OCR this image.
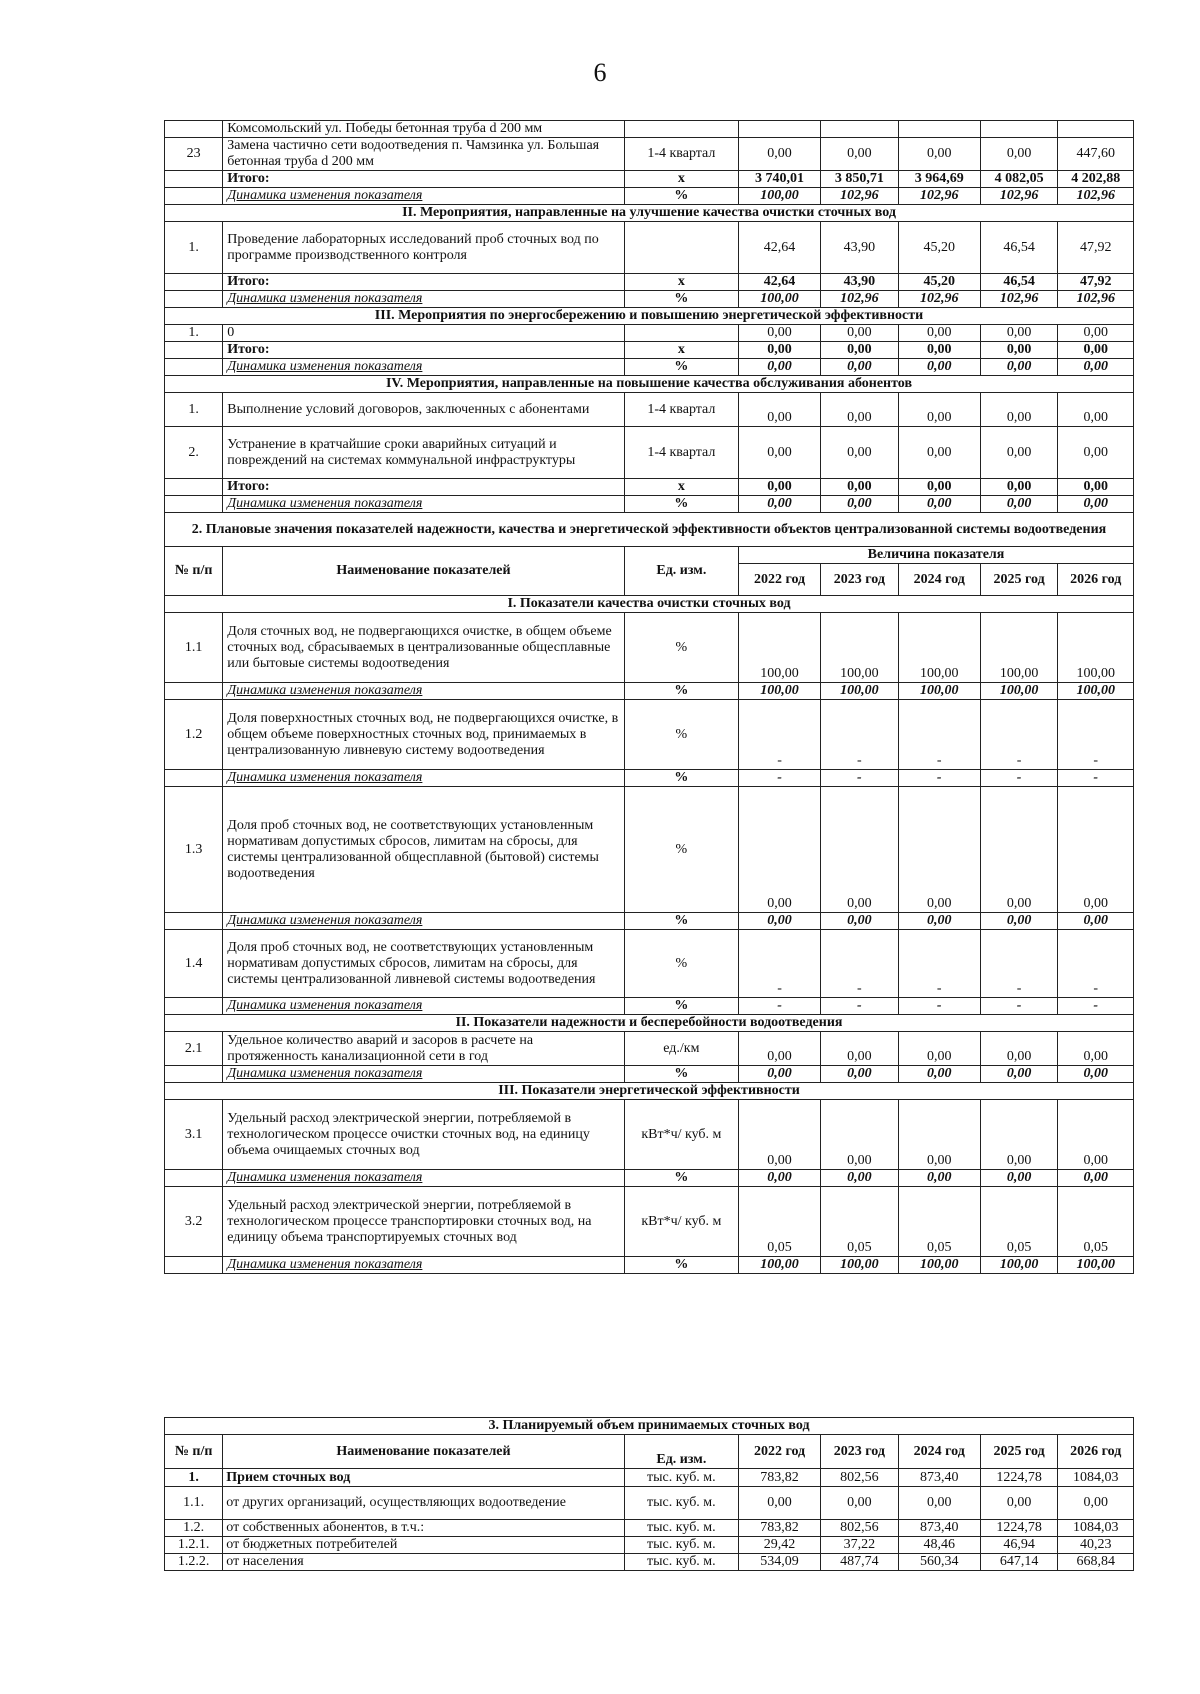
6
	Комсомольский ул. Победы бетонная труба d 200 мм						
23	Замена частично сети водоотведения п. Чамзинка ул. Большая бетонная труба d 200 мм	1-4 квартал	0,00	0,00	0,00	0,00	447,60
	Итого:	х	3 740,01	3 850,71	3 964,69	4 082,05	4 202,88
	Динамика изменения показателя	%	100,00	102,96	102,96	102,96	102,96
II. Мероприятия, направленные на улучшение качества очистки сточных вод							
1.	Проведение лабораторных исследований проб сточных вод по программе производственного контроля		42,64	43,90	45,20	46,54	47,92
	Итого:	х	42,64	43,90	45,20	46,54	47,92
	Динамика изменения показателя	%	100,00	102,96	102,96	102,96	102,96
III. Мероприятия по энергосбережению и повышению энергетической эффективности							
1.	0		0,00	0,00	0,00	0,00	0,00
	Итого:	х	0,00	0,00	0,00	0,00	0,00
	Динамика изменения показателя	%	0,00	0,00	0,00	0,00	0,00
IV. Мероприятия, направленные на повышение качества обслуживания абонентов							
1.	Выполнение условий договоров, заключенных с абонентами	1-4 квартал	0,00	0,00	0,00	0,00	0,00
2.	Устранение в кратчайшие сроки аварийных ситуаций и повреждений на системах коммунальной инфраструктуры	1-4 квартал	0,00	0,00	0,00	0,00	0,00
	Итого:	х	0,00	0,00	0,00	0,00	0,00
	Динамика изменения показателя	%	0,00	0,00	0,00	0,00	0,00
2. Плановые значения показателей надежности, качества и энергетической эффективности объектов централизованной системы водоотведения							
№ п/п	Наименование показателей	Ед. изм.	Величина показателя				
			2022 год	2023 год	2024 год	2025 год	2026 год

I. Показатели качества очистки сточных вод							
1.1	Доля сточных вод, не подвергающихся очистке, в общем объеме сточных вод, сбрасываемых в централизованные общесплавные или бытовые системы водоотведения	%	100,00	100,00	100,00	100,00	100,00
	Динамика изменения показателя	%	100,00	100,00	100,00	100,00	100,00
1.2	Доля поверхностных сточных вод, не подвергающихся очистке, в общем объеме поверхностных сточных вод, принимаемых в централизованную ливневую систему водоотведения	%	-	-	-	-	-
	Динамика изменения показателя	%	-	-	-	-	-
1.3	Доля проб сточных вод, не соответствующих установленным нормативам допустимых сбросов, лимитам на сбросы, для системы централизованной общесплавной (бытовой) системы водоотведения	%	0,00	0,00	0,00	0,00	0,00
	Динамика изменения показателя	%	0,00	0,00	0,00	0,00	0,00
1.4	Доля проб сточных вод, не соответствующих установленным нормативам допустимых сбросов, лимитам на сбросы, для системы централизованной ливневой системы водоотведения	%	-	-	-	-	-
	Динамика изменения показателя	%	-	-	-	-	-
II. Показатели надежности и бесперебойности водоотведения							
2.1	Удельное количество аварий и засоров в расчете на протяженность канализационной сети в год	ед./км	0,00	0,00	0,00	0,00	0,00
	Динамика изменения показателя	%	0,00	0,00	0,00	0,00	0,00
III. Показатели энергетической эффективности							
3.1	Удельный расход электрической энергии, потребляемой в технологическом процессе очистки сточных вод, на единицу объема очищаемых сточных вод	кВт*ч/ куб. м	0,00	0,00	0,00	0,00	0,00
	Динамика изменения показателя	%	0,00	0,00	0,00	0,00	0,00
3.2	Удельный расход электрической энергии, потребляемой в технологическом процессе транспортировки сточных вод, на единицу объема транспортируемых сточных вод	кВт*ч/ куб. м	0,05	0,05	0,05	0,05	0,05
	Динамика изменения показателя	%	100,00	100,00	100,00	100,00	100,00
3. Планируемый объем принимаемых сточных вод							
№ п/п	Наименование показателей	Ед. изм.	2022 год	2023 год	2024 год	2025 год	2026 год
1.	Прием сточных вод	тыс. куб. м.	783,82	802,56	873,40	1224,78	1084,03
1.1.	от других организаций, осуществляющих водоотведение	тыс. куб. м.	0,00	0,00	0,00	0,00	0,00
1.2.	от собственных абонентов, в т.ч.:	тыс. куб. м.	783,82	802,56	873,40	1224,78	1084,03
1.2.1.	от бюджетных потребителей	тыс. куб. м.	29,42	37,22	48,46	46,94	40,23
1.2.2.	от населения	тыс. куб. м.	534,09	487,74	560,34	647,14	668,84
